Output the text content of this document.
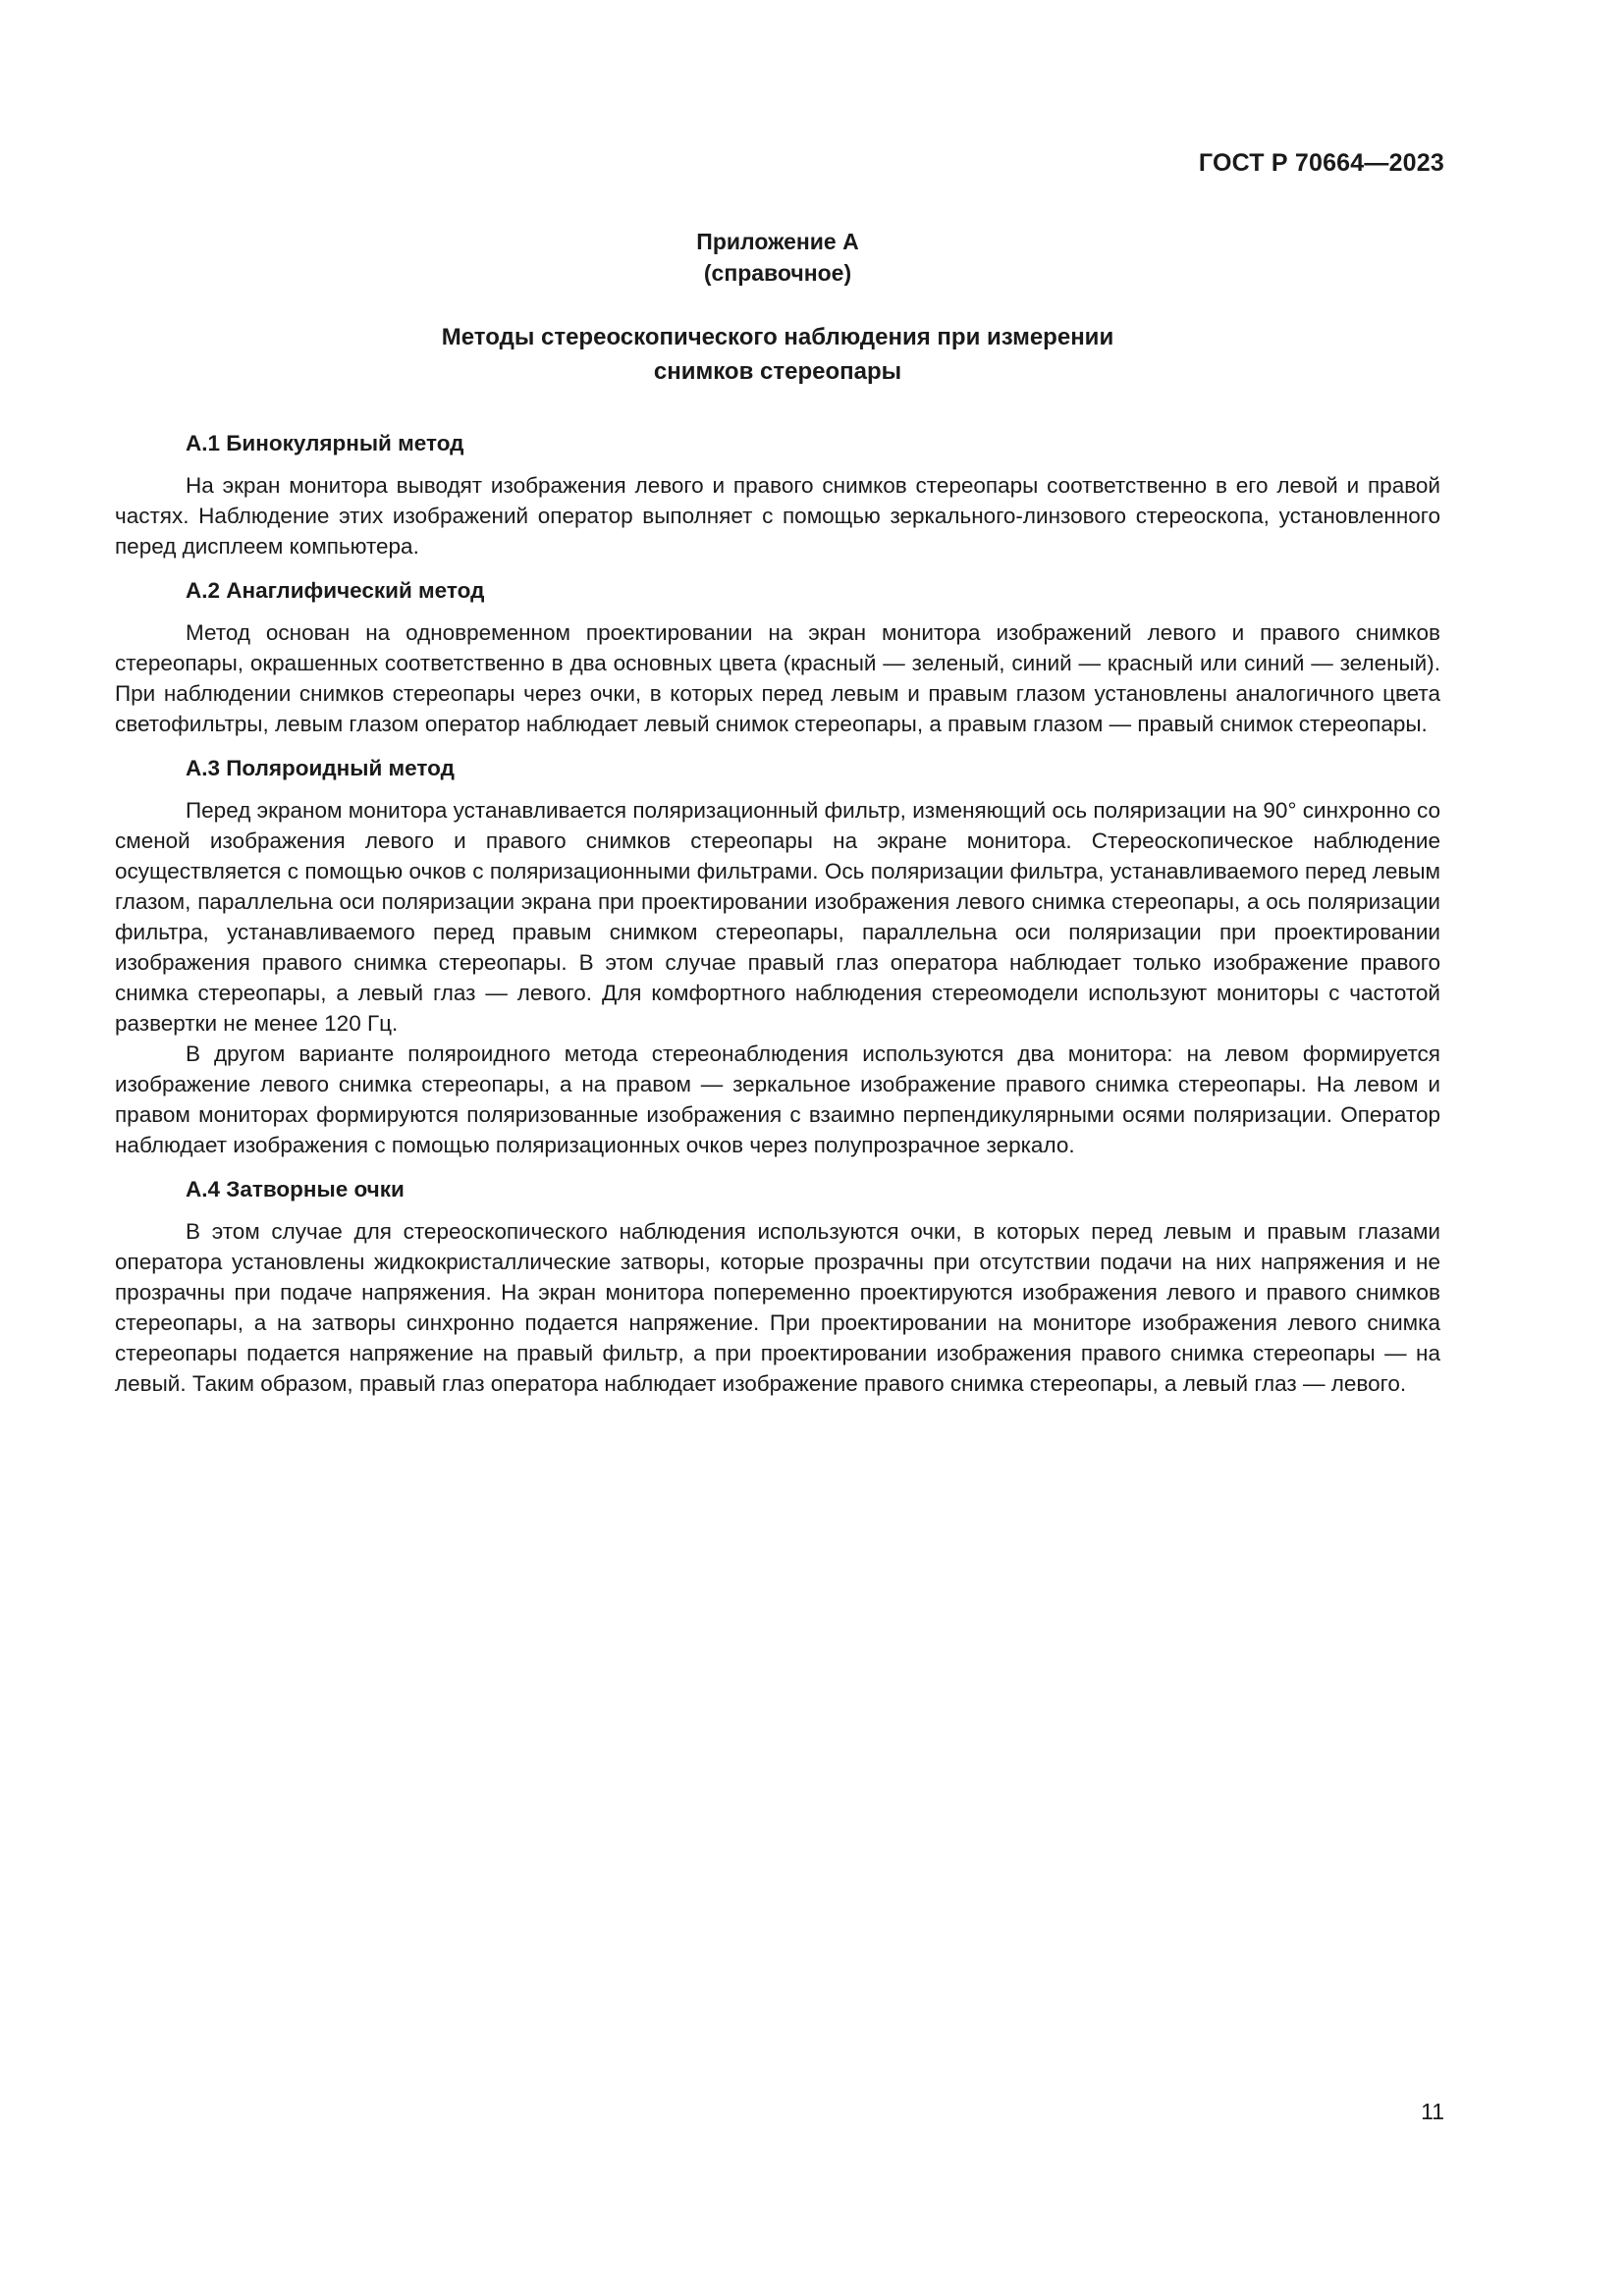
ГОСТ Р 70664—2023
Приложение А
(справочное)
Методы стереоскопического наблюдения при измерении
снимков стереопары
А.1 Бинокулярный метод

На экран монитора выводят изображения левого и правого снимков стереопары соответственно в его левой и правой частях. Наблюдение этих изображений оператор выполняет с помощью зеркального-линзового стереоскопа, установленного перед дисплеем компьютера.

А.2 Анаглифический метод

Метод основан на одновременном проектировании на экран монитора изображений левого и правого снимков стереопары, окрашенных соответственно в два основных цвета (красный — зеленый, синий — красный или синий — зеленый). При наблюдении снимков стереопары через очки, в которых перед левым и правым глазом установлены аналогичного цвета светофильтры, левым глазом оператор наблюдает левый снимок стереопары, а правым глазом — правый снимок стереопары.

А.3 Поляроидный метод

Перед экраном монитора устанавливается поляризационный фильтр, изменяющий ось поляризации на 90° синхронно со сменой изображения левого и правого снимков стереопары на экране монитора. Стереоскопическое наблюдение осуществляется с помощью очков с поляризационными фильтрами. Ось поляризации фильтра, устанавливаемого перед левым глазом, параллельна оси поляризации экрана при проектировании изображения левого снимка стереопары, а ось поляризации фильтра, устанавливаемого перед правым снимком стереопары, параллельна оси поляризации при проектировании изображения правого снимка стереопары. В этом случае правый глаз оператора наблюдает только изображение правого снимка стереопары, а левый глаз — левого. Для комфортного наблюдения стереомодели используют мониторы с частотой развертки не менее 120 Гц.

В другом варианте поляроидного метода стереонаблюдения используются два монитора: на левом формируется изображение левого снимка стереопары, а на правом — зеркальное изображение правого снимка стереопары. На левом и правом мониторах формируются поляризованные изображения с взаимно перпендикулярными осями поляризации. Оператор наблюдает изображения с помощью поляризационных очков через полупрозрачное зеркало.

А.4 Затворные очки

В этом случае для стереоскопического наблюдения используются очки, в которых перед левым и правым глазами оператора установлены жидкокристаллические затворы, которые прозрачны при отсутствии подачи на них напряжения и не прозрачны при подаче напряжения. На экран монитора попеременно проектируются изображения левого и правого снимков стереопары, а на затворы синхронно подается напряжение. При проектировании на мониторе изображения левого снимка стереопары подается напряжение на правый фильтр, а при проектировании изображения правого снимка стереопары — на левый. Таким образом, правый глаз оператора наблюдает изображение правого снимка стереопары, а левый глаз — левого.

11
